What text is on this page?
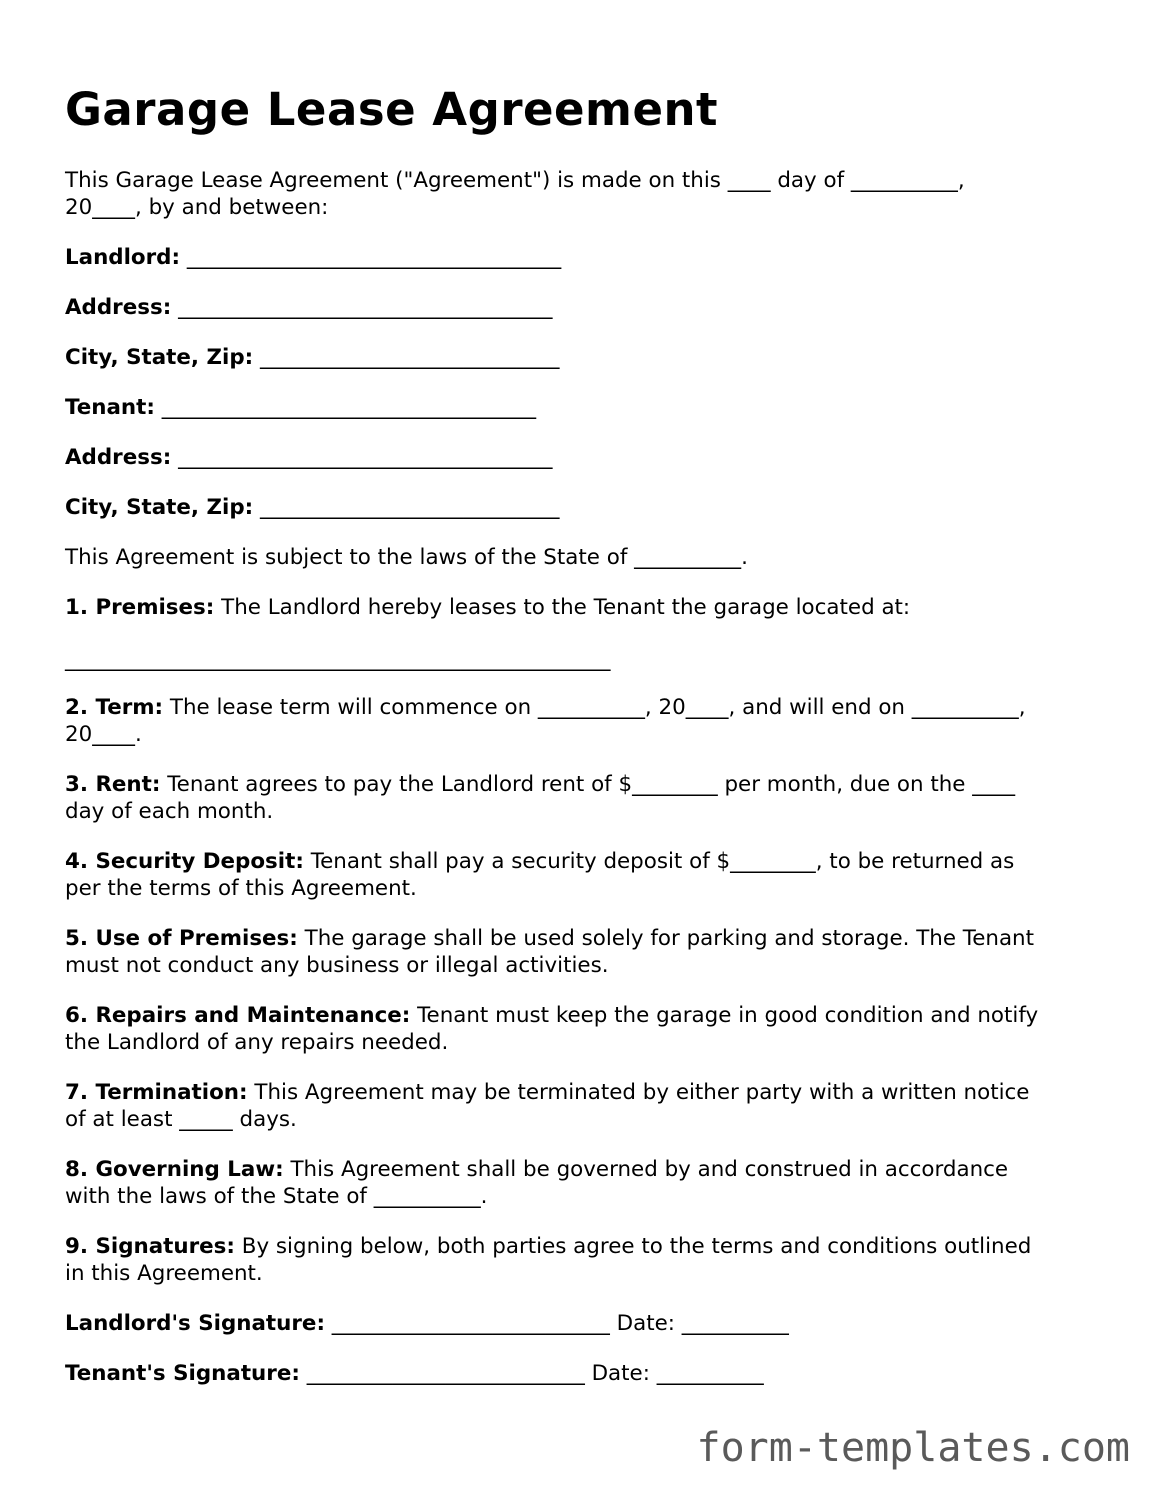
Garage Lease Agreement

This Garage Lease Agreement ("Agreement") is made on this ____ day of __________,

20____, by and between:

Landlord: ___________________________________

Address: ___________________________________

City, State, Zip: ____________________________

Tenant: ___________________________________

Address: ___________________________________

City, State, Zip: ____________________________

This Agreement is subject to the laws of the State of __________.

1. Premises: The Landlord hereby leases to the Tenant the garage located at:

___________________________________________________

2. Term: The lease term will commence on __________, 20____, and will end on __________,

20____.

3. Rent: Tenant agrees to pay the Landlord rent of $________ per month, due on the ____

day of each month.

4. Security Deposit: Tenant shall pay a security deposit of $________, to be returned as

per the terms of this Agreement.

5. Use of Premises: The garage shall be used solely for parking and storage. The Tenant

must not conduct any business or illegal activities.

6. Repairs and Maintenance: Tenant must keep the garage in good condition and notify

the Landlord of any repairs needed.

7. Termination: This Agreement may be terminated by either party with a written notice

of at least _____ days.

8. Governing Law: This Agreement shall be governed by and construed in accordance

with the laws of the State of __________.

9. Signatures: By signing below, both parties agree to the terms and conditions outlined

in this Agreement.

Landlord's Signature: __________________________ Date: __________

Tenant's Signature: __________________________ Date: __________

form-templates.com
